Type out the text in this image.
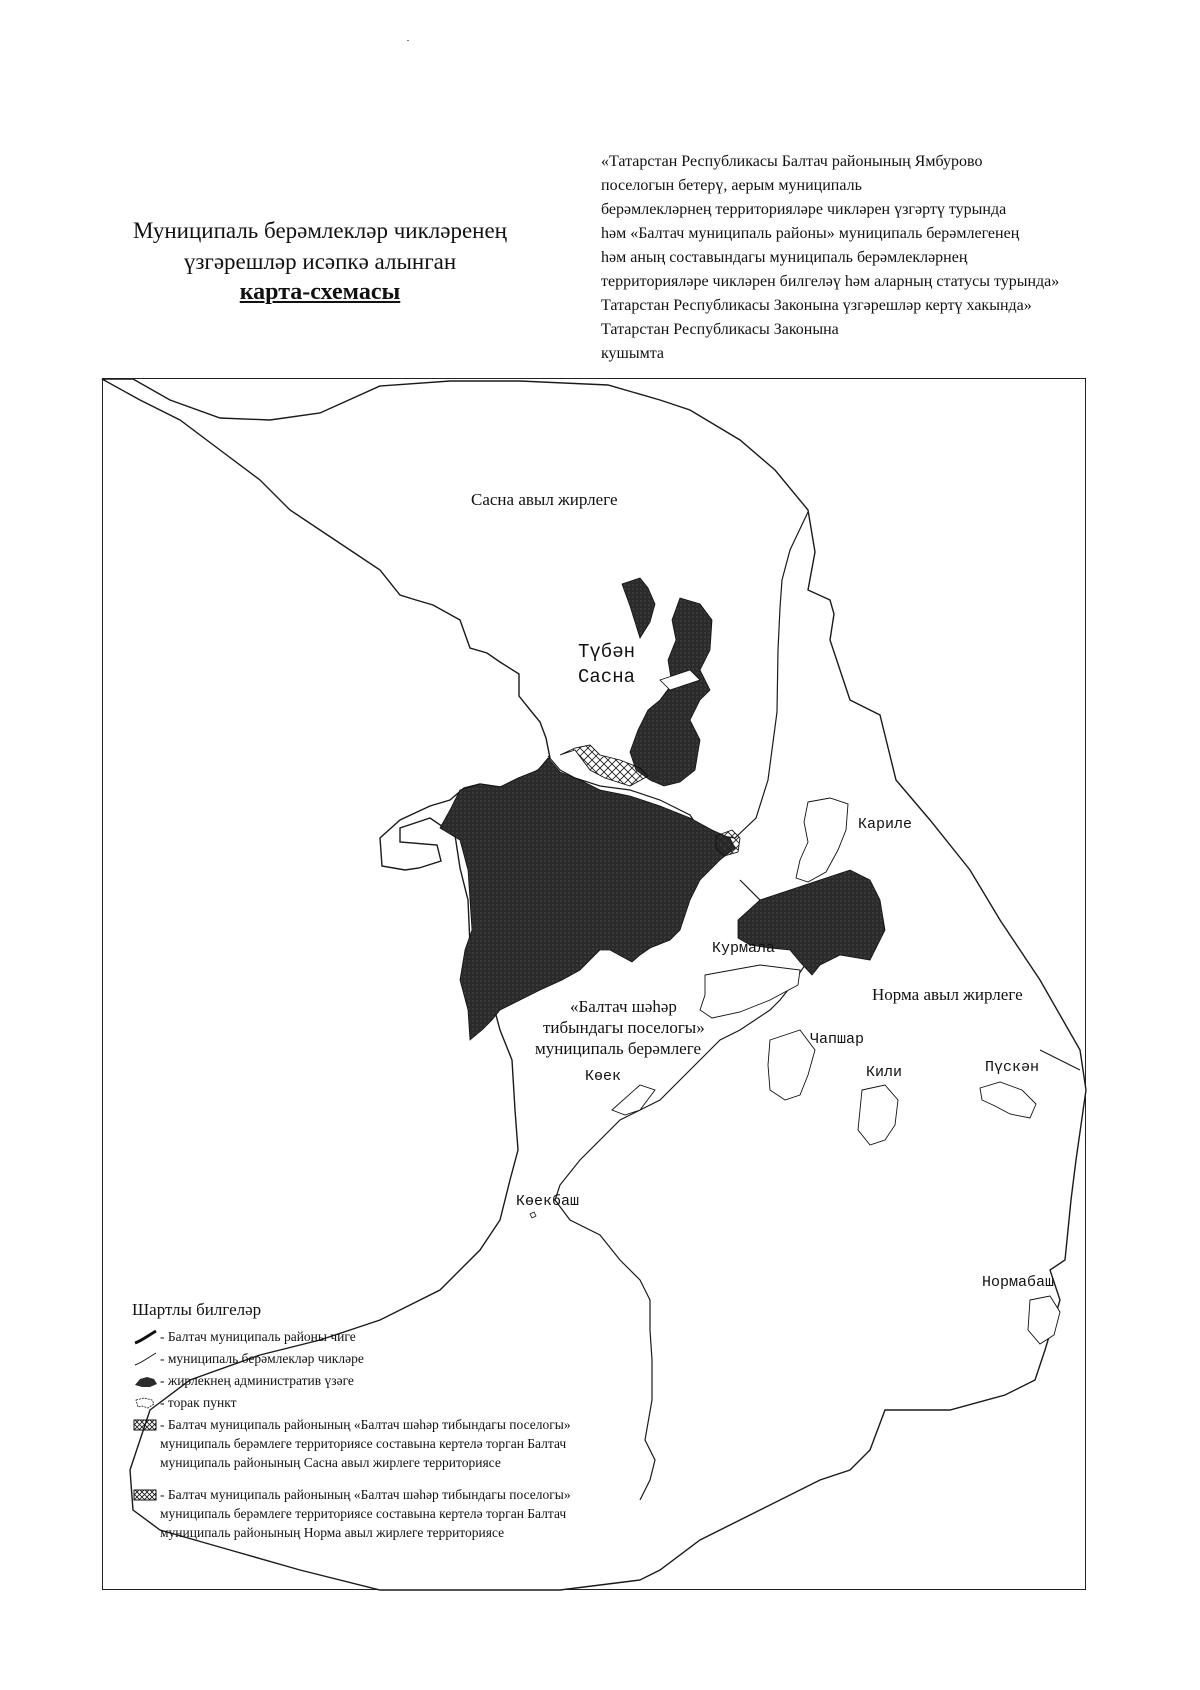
Муниципаль берәмлекләр чикләренең
үзгәрешләр исәпкә алынган
карта-схемасы
«Татарстан Республикасы Балтач районының Ямбурово
поселогын бетерү, аерым муниципаль
берәмлекләрнең территорияләре чикләрен үзгәртү турында
һәм «Балтач муниципаль районы» муниципаль берәмлегенең
һәм аның составындагы муниципаль берәмлекләрнең
территорияләре чикләрен билгеләү һәм аларның статусы турында»
Татарстан Республикасы Законына үзгәрешләр кертү хакында»
Татарстан Республикасы Законына
кушымта
Сасна авыл жирлеге
Түбән
Сасна
Кариле
Курмала
Норма авыл жирлеге
«Балтач шәһәр
тибындагы поселогы»
муниципаль берәмлеге	Чапшар
Көек	Кили	Пүскән
Көекбаш
Нормабаш
Шартлы билгеләр
- Балтач муниципаль районы чиге
- муниципаль берәмлекләр чикләре
- жирлекнең административ үзәге
- торак пункт
- Балтач муниципаль районының «Балтач шәһәр тибындагы поселогы» муниципаль берәмлеге территориясе составына кертелә торган Балтач муниципаль районының Сасна авыл жирлеге территориясе
- Балтач муниципаль районының «Балтач шәһәр тибындагы поселогы» муниципаль берәмлеге территориясе составына кертелә торган Балтач муниципаль районының Норма авыл жирлеге территориясе
